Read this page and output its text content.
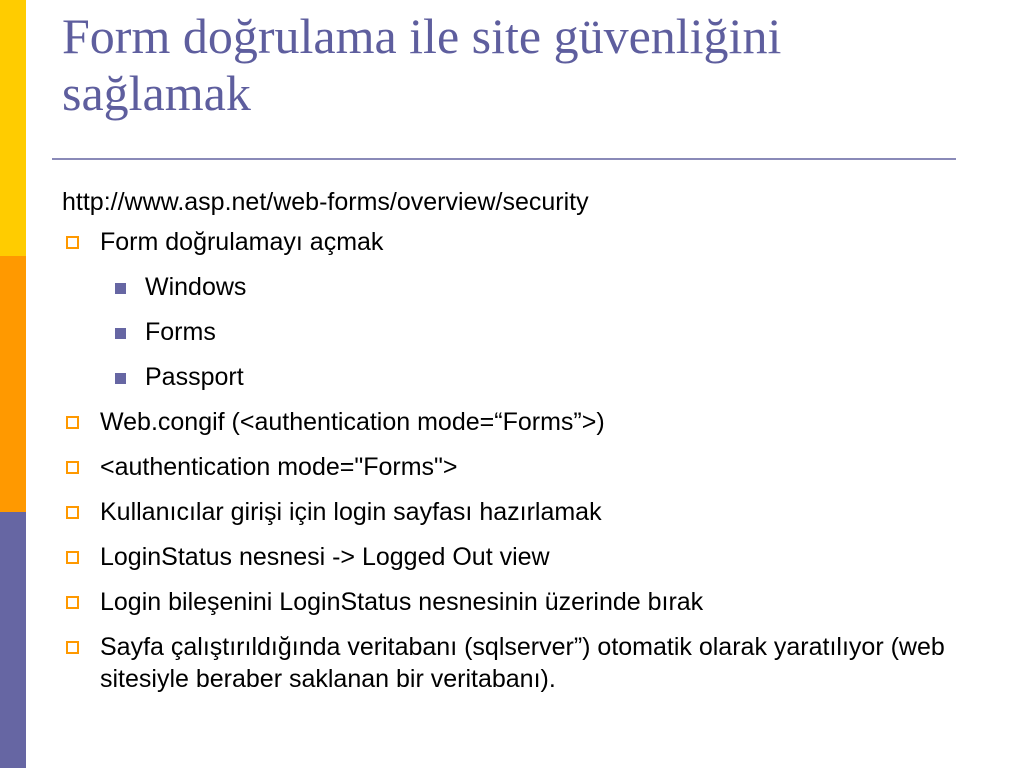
Form doğrulama ile site güvenliğini sağlamak

http://www.asp.net/web-forms/overview/security

Form doğrulamayı açmak
Windows
Forms
Passport
Web.congif (<authentication mode=“Forms”>)
<authentication mode="Forms">
Kullanıcılar girişi için login sayfası hazırlamak
LoginStatus nesnesi -> Logged Out view
Login bileşenini LoginStatus nesnesinin üzerinde bırak
Sayfa çalıştırıldığında veritabanı (sqlserver”) otomatik olarak yaratılıyor (web sitesiyle beraber saklanan bir veritabanı).
